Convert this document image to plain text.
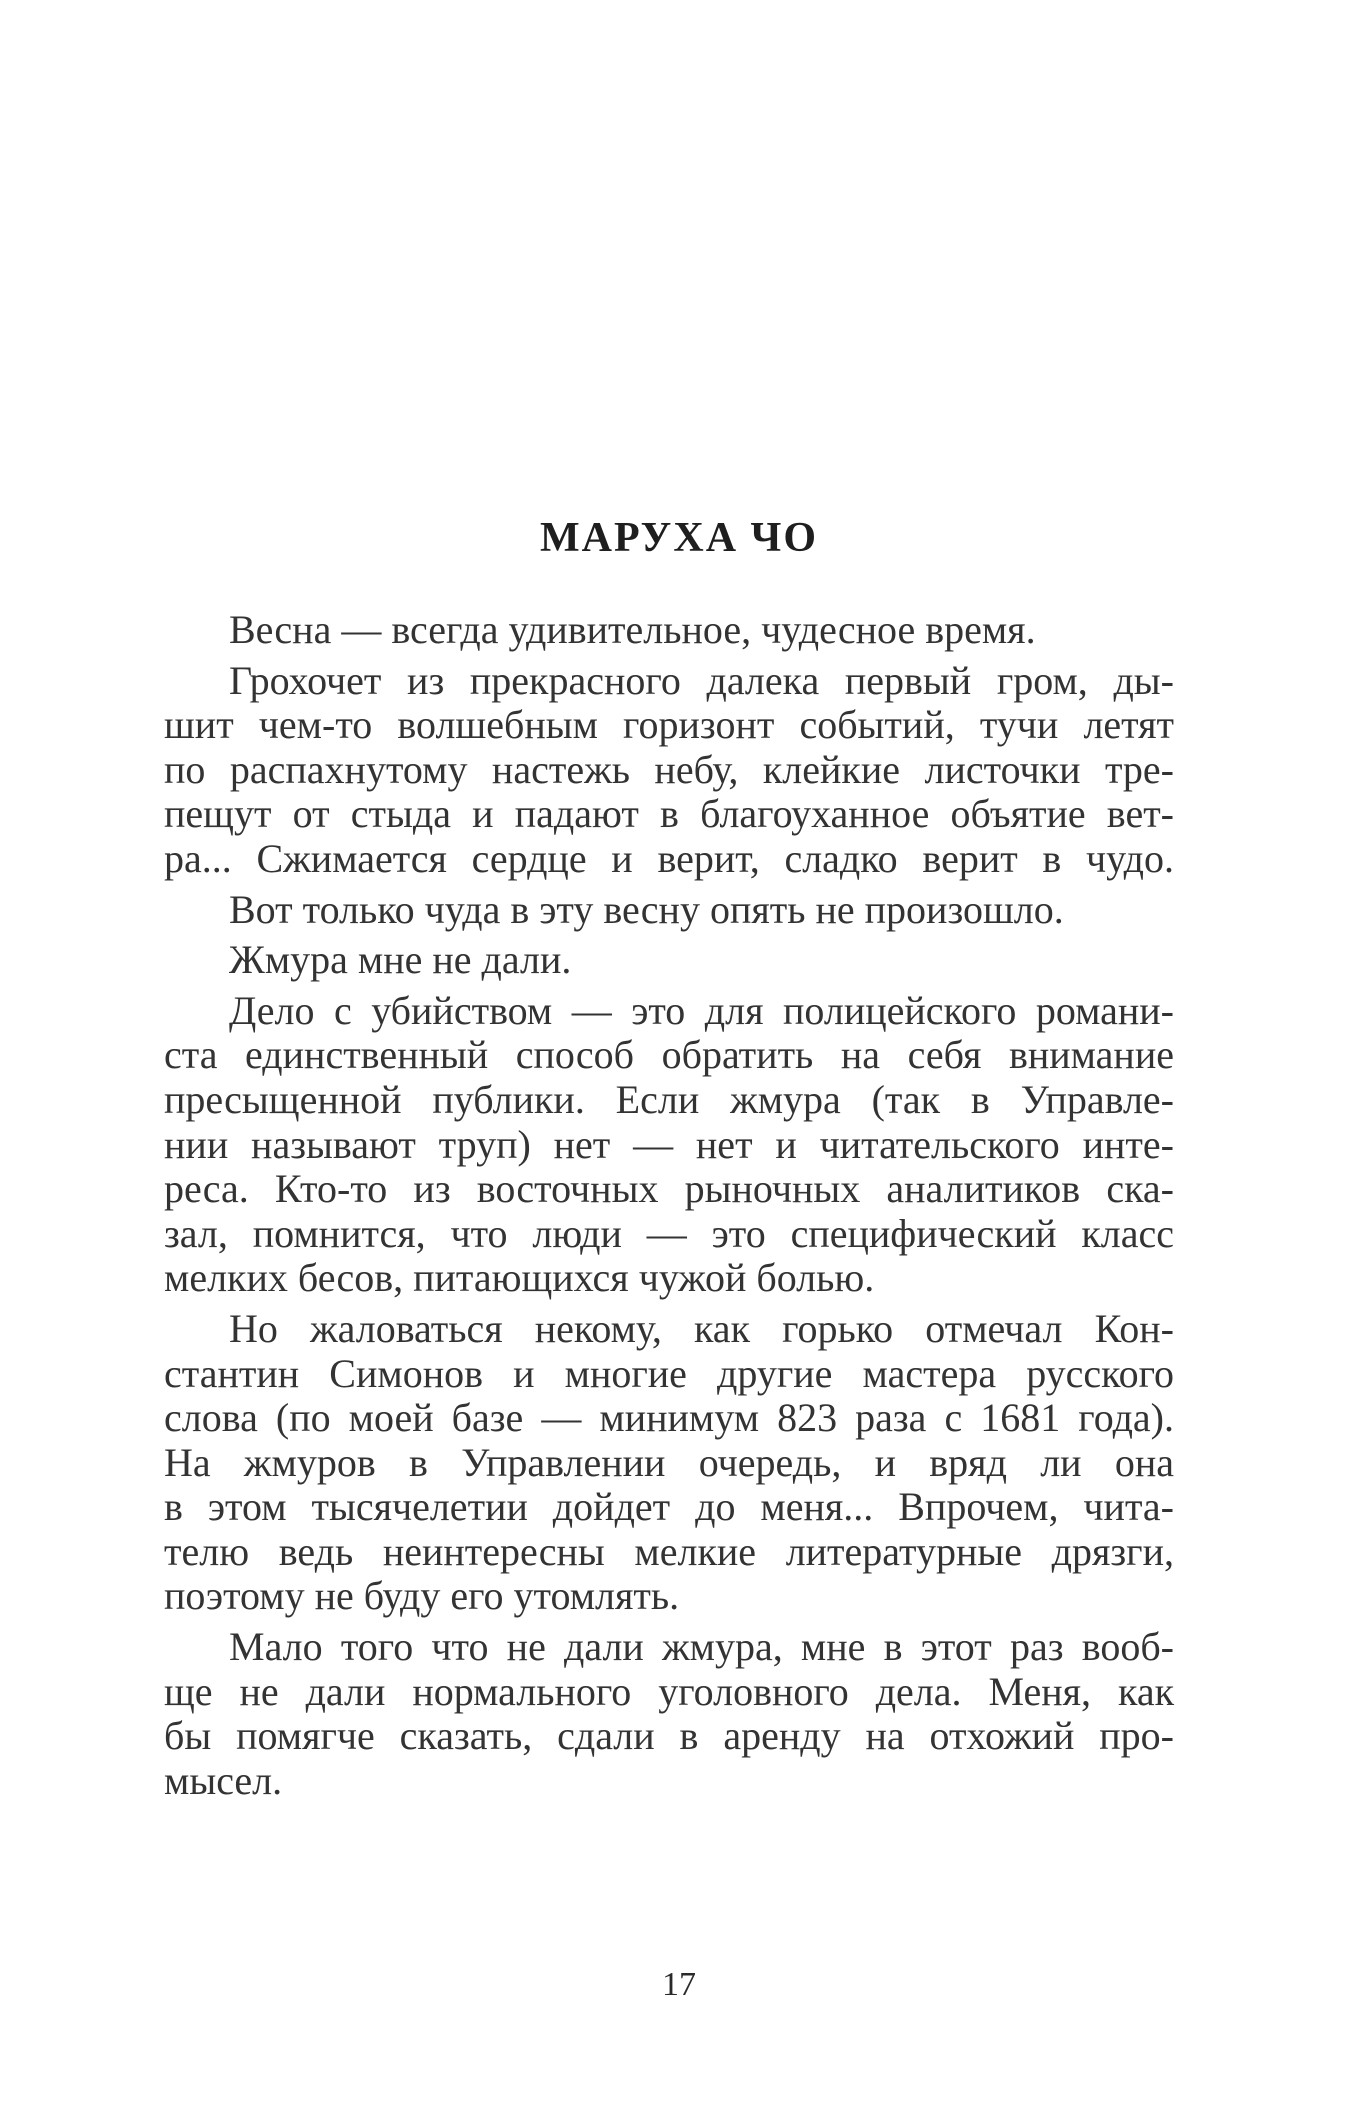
МАРУХА ЧО

Весна — всегда удивительное, чудесное время.

Грохочет из прекрасного далека первый гром, ды-
шит чем-то волшебным горизонт событий, тучи летят
по распахнутому настежь небу, клейкие листочки тре-
пещут от стыда и падают в благоуханное объятие вет-
ра... Сжимается сердце и верит, сладко верит в чудо.

Вот только чуда в эту весну опять не произошло.

Жмура мне не дали.

Дело с убийством — это для полицейского романи-
ста единственный способ обратить на себя внимание
пресыщенной публики. Если жмура (так в Управле-
нии называют труп) нет — нет и читательского инте-
реса. Кто-то из восточных рыночных аналитиков ска-
зал, помнится, что люди — это специфический класс
мелких бесов, питающихся чужой болью.

Но жаловаться некому, как горько отмечал Кон-
стантин Симонов и многие другие мастера русского
слова (по моей базе — минимум 823 раза с 1681 года).
На жмуров в Управлении очередь, и вряд ли она
в этом тысячелетии дойдет до меня... Впрочем, чита-
телю ведь неинтересны мелкие литературные дрязги,
поэтому не буду его утомлять.

Мало того что не дали жмура, мне в этот раз вооб-
ще не дали нормального уголовного дела. Меня, как
бы помягче сказать, сдали в аренду на отхожий про-
мысел.

17
